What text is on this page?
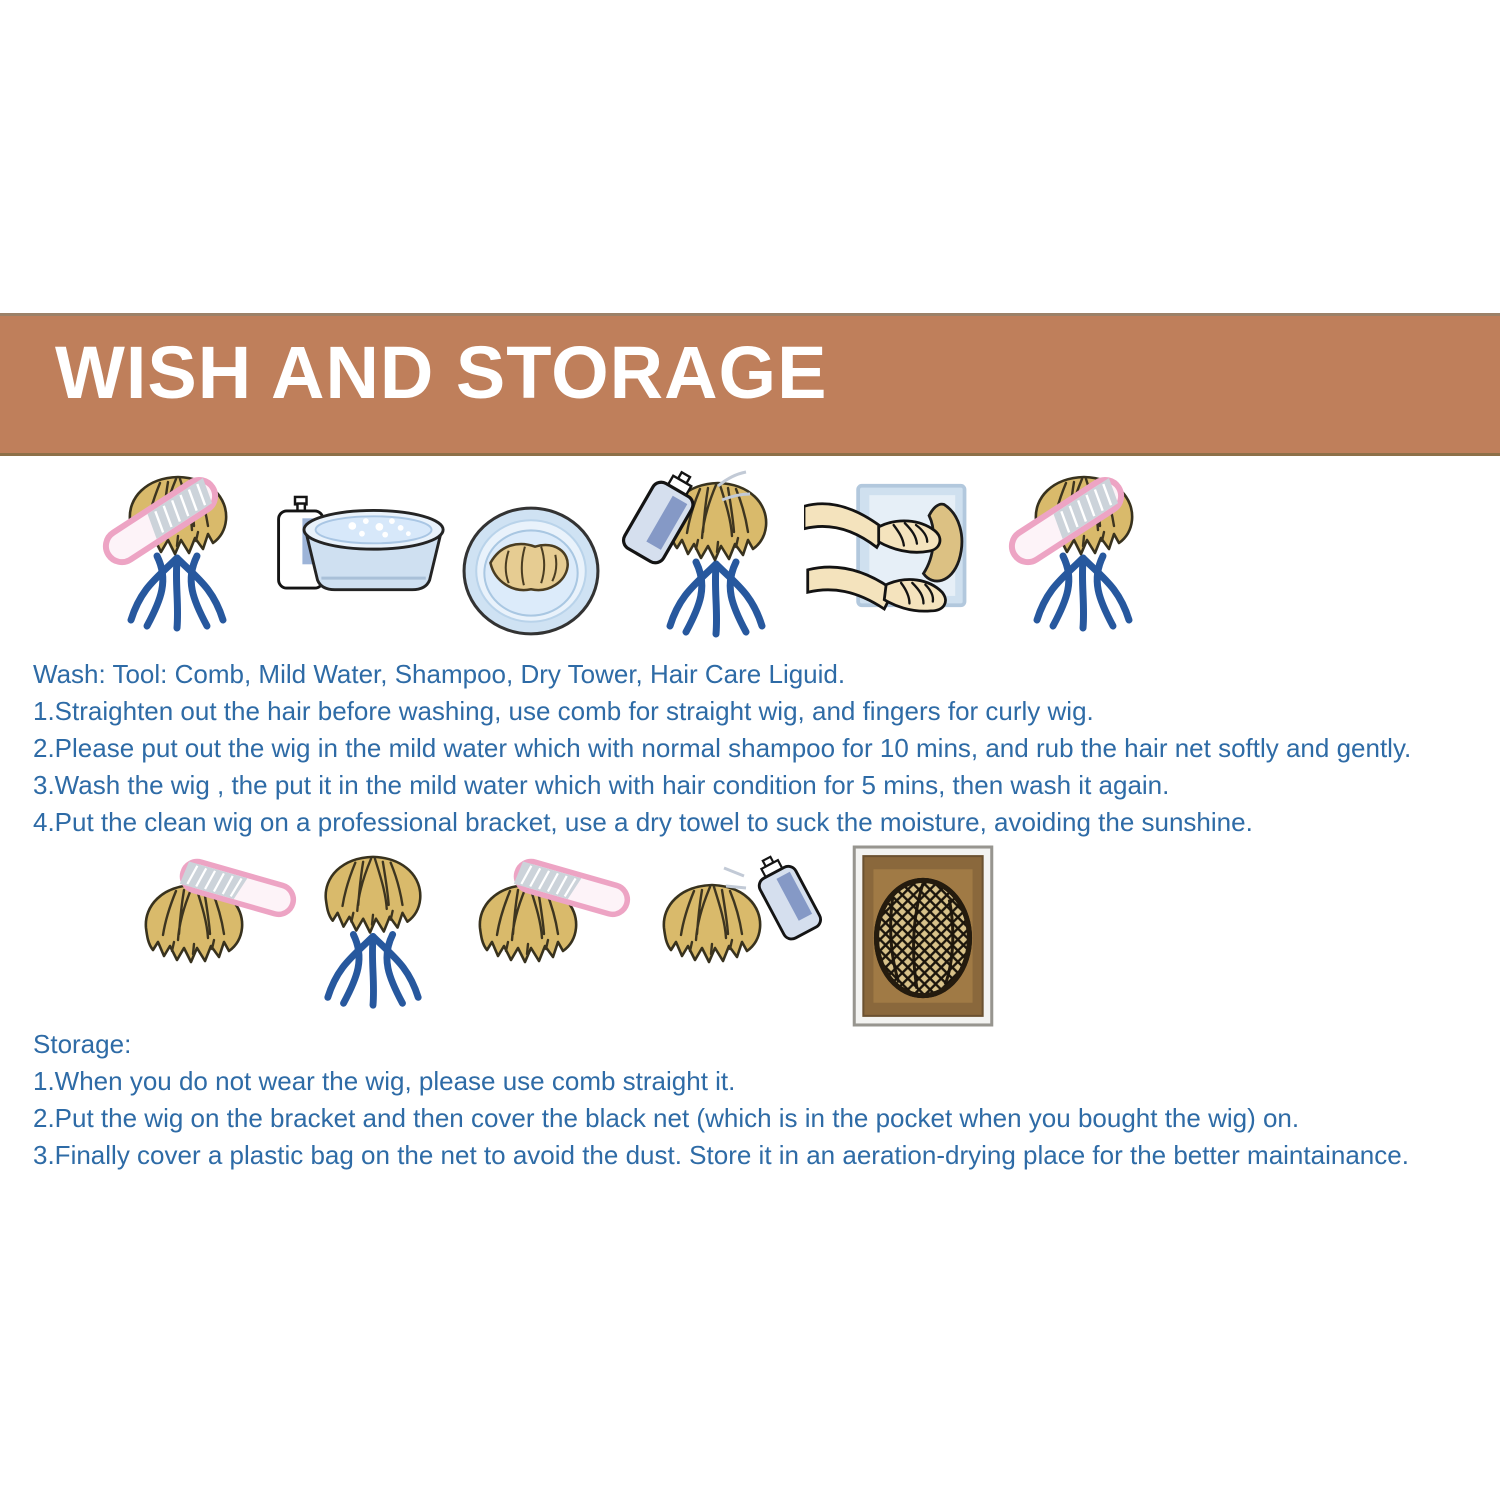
WISH AND STORAGE
Wash: Tool: Comb, Mild Water, Shampoo, Dry Tower, Hair Care Liguid.
1.Straighten out the hair before washing, use comb for straight wig, and fingers for curly wig.
2.Please put out the wig in the mild water which with normal shampoo for 10 mins, and rub the hair net softly and gently.
3.Wash the wig , the put it in the mild water which with hair condition for 5 mins, then wash it again.
4.Put the clean wig on a professional bracket, use a dry towel to suck the moisture, avoiding the sunshine.
Storage:
1.When you do not wear the wig, please use comb straight it.
2.Put the wig on the bracket and then cover the black net (which is in the pocket when you bought the wig) on.
3.Finally cover a plastic bag on the net to avoid the dust. Store it in an aeration-drying place for the better maintainance.
